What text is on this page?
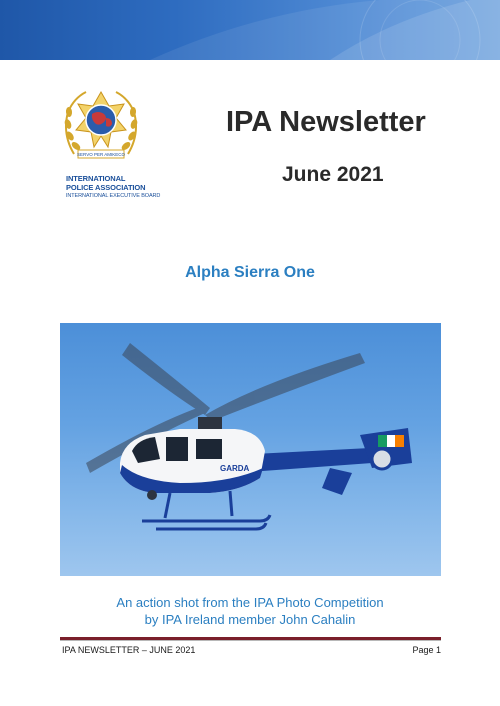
SERVO PER AMIKECO
INTERNATIONAL
POLICE ASSOCIATION
INTERNATIONAL EXECUTIVE BOARD
IPA Newsletter
June 2021
Alpha Sierra One
GARDA
An action shot from the IPA Photo Competition
by IPA Ireland member John Cahalin
IPA NEWSLETTER – JUNE 2021	Page 1
